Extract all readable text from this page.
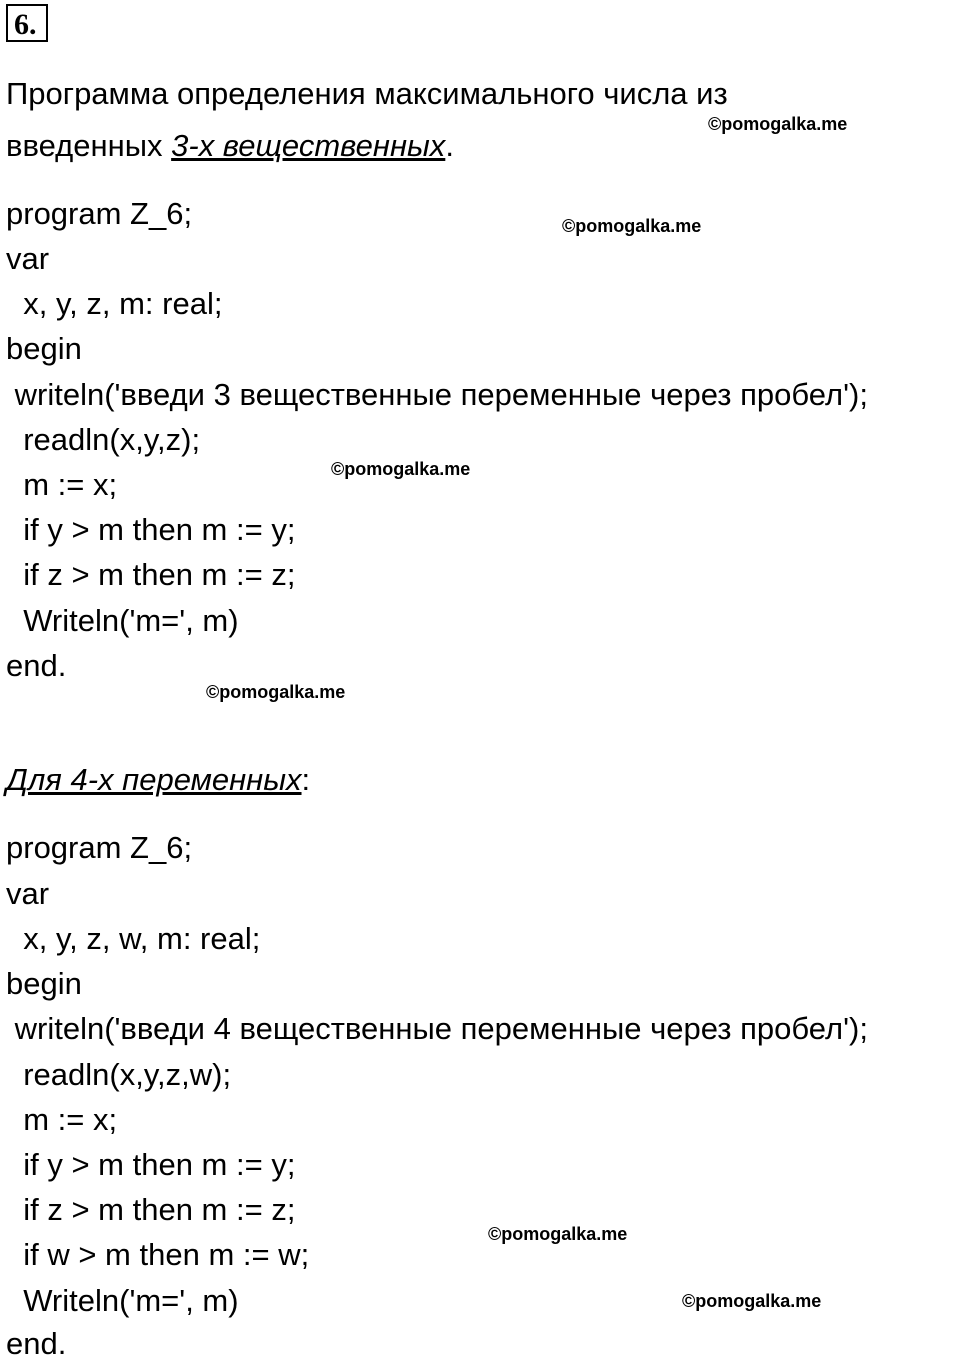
6.
Программа определения максимального числа из
введенных 3-х вещественных.
program Z_6;
var
x, y, z, m: real;
begin
writeln('введи 3 вещественные переменные через пробел');
readln(x,y,z);
m := x;
if y > m then m := y;
if z > m then m := z;
Writeln('m=', m)
end.
Для 4-х переменных:
program Z_6;
var
x, y, z, w, m: real;
begin
writeln('введи 4 вещественные переменные через пробел');
readln(x,y,z,w);
m := x;
if y > m then m := y;
if z > m then m := z;
if w > m then m := w;
Writeln('m=', m)
end.
©pomogalka.me
©pomogalka.me
©pomogalka.me
©pomogalka.me
©pomogalka.me
©pomogalka.me
